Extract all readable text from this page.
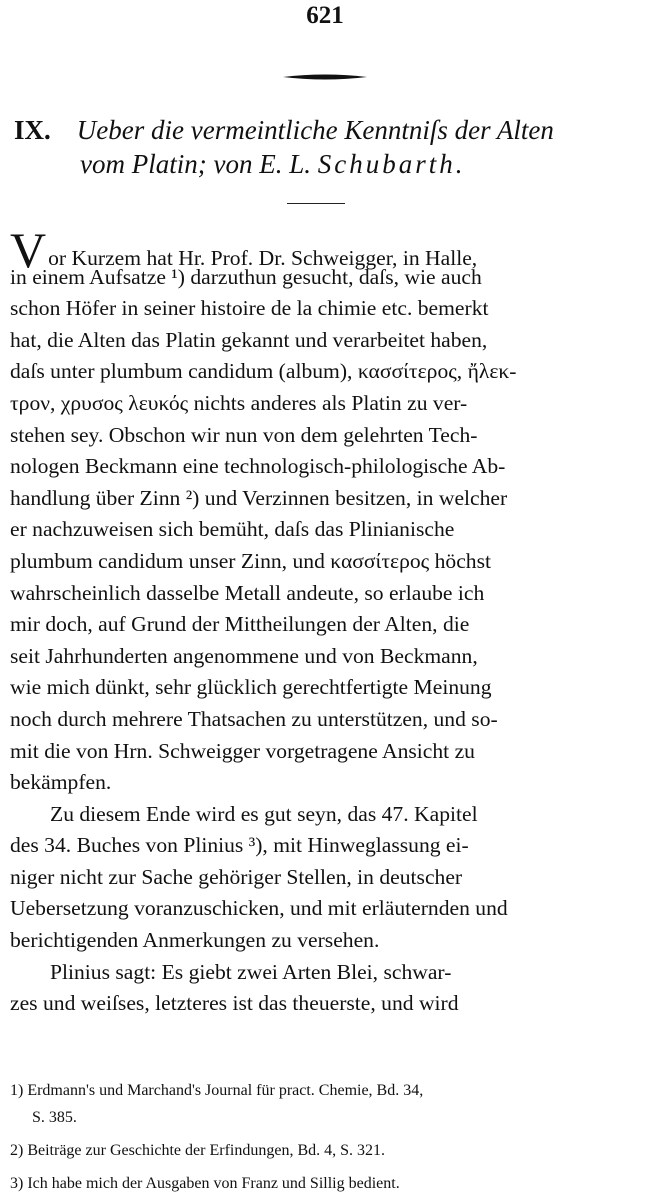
621
IX. Ueber die vermeintliche Kenntniſs der Alten
vom Platin; von E. L. Schubarth.
Vor Kurzem hat Hr. Prof. Dr. Schweigger, in Halle,
in einem Aufsatze ¹) darzuthun gesucht, daſs, wie auch
schon Höfer in seiner histoire de la chimie etc. bemerkt
hat, die Alten das Platin gekannt und verarbeitet haben,
daſs unter plumbum candidum (album), κασσίτερος, ἤλεκ-
τρον, χρυσος λευκός nichts anderes als Platin zu ver-
stehen sey. Obschon wir nun von dem gelehrten Tech-
nologen Beckmann eine technologisch-philologische Ab-
handlung über Zinn ²) und Verzinnen besitzen, in welcher
er nachzuweisen sich bemüht, daſs das Plinianische
plumbum candidum unser Zinn, und κασσίτερος höchst
wahrscheinlich dasselbe Metall andeute, so erlaube ich
mir doch, auf Grund der Mittheilungen der Alten, die
seit Jahrhunderten angenommene und von Beckmann,
wie mich dünkt, sehr glücklich gerechtfertigte Meinung
noch durch mehrere Thatsachen zu unterstützen, und so-
mit die von Hrn. Schweigger vorgetragene Ansicht zu
bekämpfen.
Zu diesem Ende wird es gut seyn, das 47. Kapitel
des 34. Buches von Plinius ³), mit Hinweglassung ei-
niger nicht zur Sache gehöriger Stellen, in deutscher
Uebersetzung voranzuschicken, und mit erläuternden und
berichtigenden Anmerkungen zu versehen.
Plinius sagt: Es giebt zwei Arten Blei, schwar-
zes und weiſses, letzteres ist das theuerste, und wird
1) Erdmann's und Marchand's Journal für pract. Chemie, Bd. 34,
S. 385.
2) Beiträge zur Geschichte der Erfindungen, Bd. 4, S. 321.
3) Ich habe mich der Ausgaben von Franz und Sillig bedient.
